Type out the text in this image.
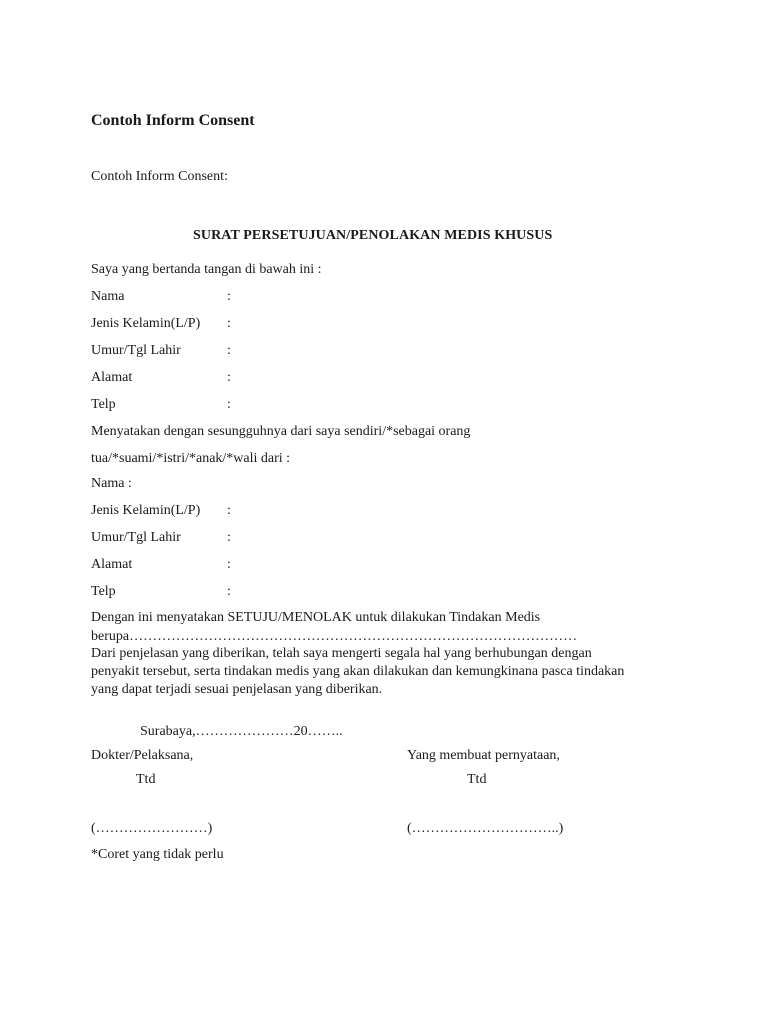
Contoh Inform Consent
Contoh Inform Consent:
SURAT PERSETUJUAN/PENOLAKAN MEDIS KHUSUS
Saya yang bertanda tangan di bawah ini :
Nama	:
Jenis Kelamin(L/P) :
Umur/Tgl Lahir	:
Alamat	:
Telp	:
Menyatakan dengan sesungguhnya dari saya sendiri/*sebagai orang
tua/*suami/*istri/*anak/*wali dari :
Nama :
Jenis Kelamin(L/P) :
Umur/Tgl Lahir	:
Alamat	:
Telp	:
Dengan ini menyatakan SETUJU/MENOLAK untuk dilakukan Tindakan Medis
berupa……………………………………………………………………………………
Dari penjelasan yang diberikan, telah saya mengerti segala hal yang berhubungan dengan
penyakit tersebut, serta tindakan medis yang akan dilakukan dan kemungkinana pasca tindakan
yang dapat terjadi sesuai penjelasan yang diberikan.
Surabaya,…………………20……..
Dokter/Pelaksana,	Yang membuat pernyataan,
Ttd	Ttd
(……………………)	(…………………………..)
*Coret yang tidak perlu
